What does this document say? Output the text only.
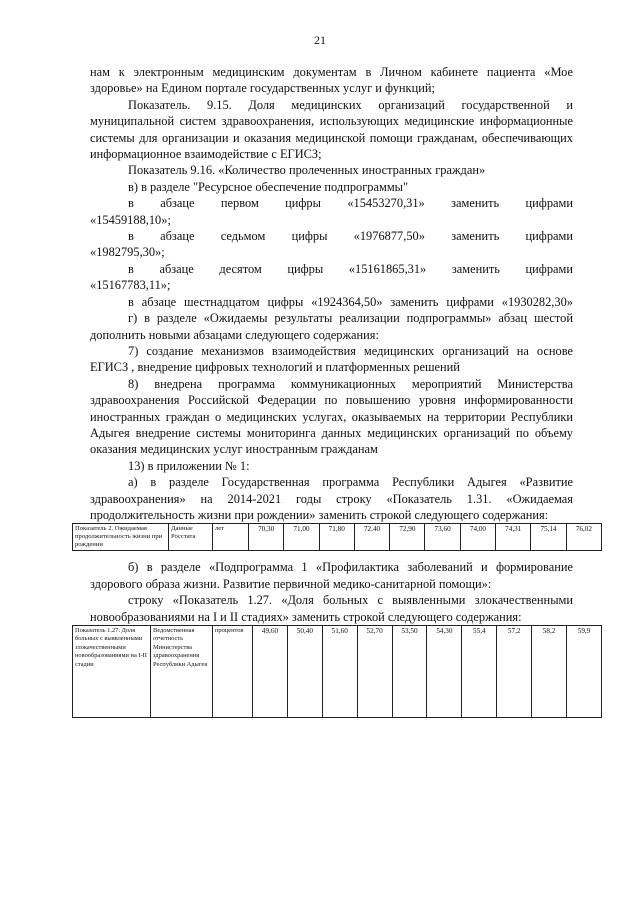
21

нам к электронным медицинским документам в Личном кабинете пациента «Мое здоровье» на Едином портале государственных услуг и функций;

Показатель. 9.15. Доля медицинских организаций государственной и муниципальной систем здравоохранения, использующих медицинские информационные системы для организации и оказания медицинской помощи гражданам, обеспечивающих информационное взаимодействие с ЕГИСЗ;

Показатель 9.16. «Количество пролеченных иностранных граждан»

в) в разделе "Ресурсное обеспечение подпрограммы"

в абзаце первом цифры «15453270,31» заменить цифрами «15459188,10»;

в абзаце седьмом цифры «1976877,50» заменить цифрами «1982795,30»;

в абзаце десятом цифры «15161865,31» заменить цифрами «15167783,11»;

в абзаце шестнадцатом цифры «1924364,50» заменить цифрами «1930282,30»

г) в разделе «Ожидаемы результаты реализации подпрограммы» абзац шестой дополнить новыми абзацами следующего содержания:

7) создание механизмов взаимодействия медицинских организаций на основе ЕГИСЗ , внедрение цифровых технологий и платформенных решений

8) внедрена программа коммуникационных мероприятий Министерства здравоохранения Российской Федерации по повышению уровня информированности иностранных граждан о медицинских услугах, оказываемых на территории Республики Адыгея внедрение системы мониторинга данных медицинских организаций по объему оказания медицинских услуг иностранным гражданам

13) в приложении № 1:

а) в разделе Государственная программа Республики Адыгея «Развитие здравоохранения» на 2014-2021 годы строку «Показатель 1.31. «Ожидаемая продолжительность жизни при рождении» заменить строкой следующего содержания:

Показатель 2. Ожидаемая продолжительность жизни при рождении	Данные Росстата	лет	70,30	71,00	71,80	72,40	72,90	73,60	74,00	74,31	75,14	76,02

б) в разделе «Подпрограмма 1 «Профилактика заболеваний и формирование здорового образа жизни. Развитие первичной медико-санитарной помощи»:

строку «Показатель 1.27. «Доля больных с выявленными злокачественными новообразованиями на I и II стадиях» заменить строкой следующего содержания:

Показатель 1.27. Доля больных с выявленными злокачественными новообразованиями на I-II стадии	Ведомственная отчетность Министерства здравоохранения Республики Адыгея	процентов	49,60	50,40	51,60	52,70	53,50	54,30	55,4	57,2	58,2	59,9
